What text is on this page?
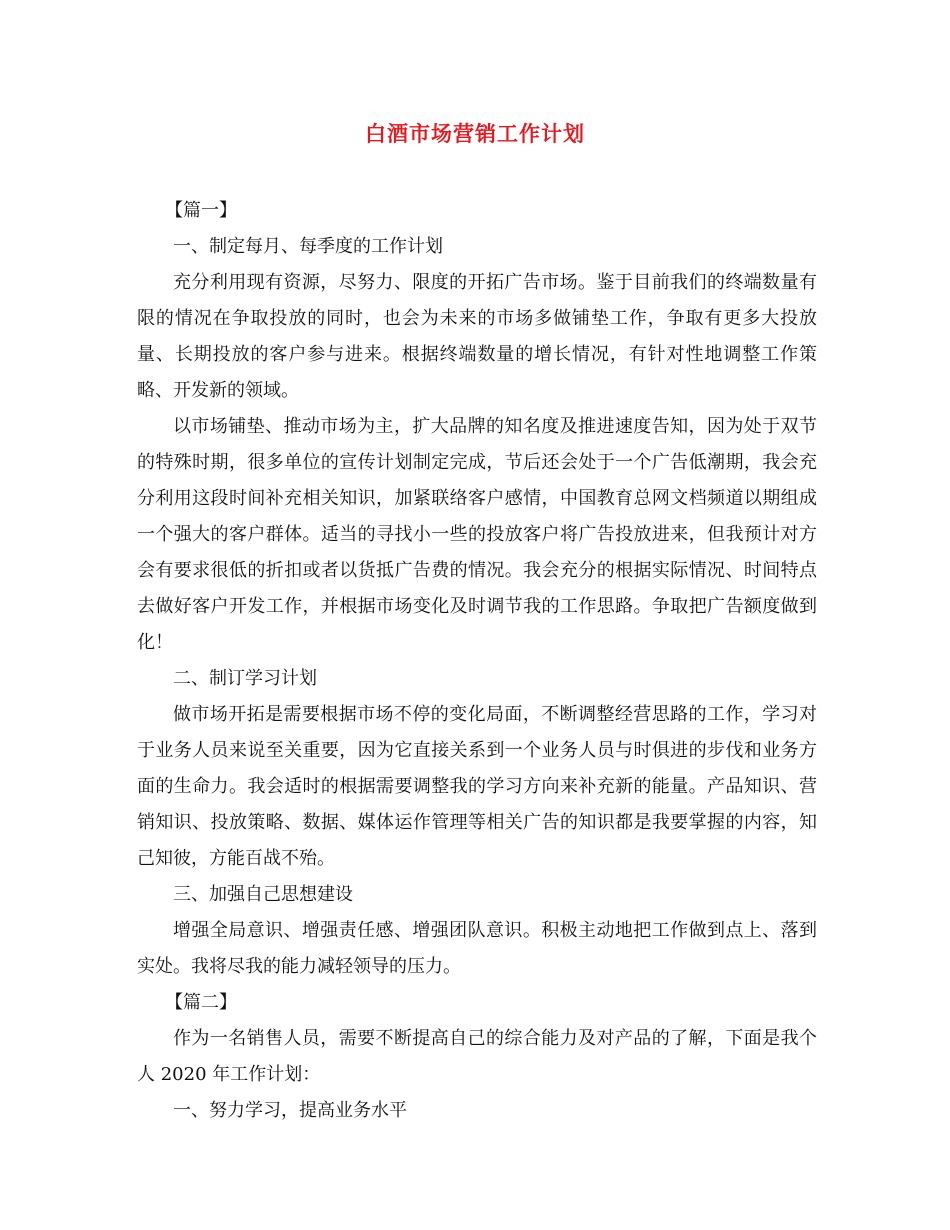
白酒市场营销工作计划

【篇一】

一、制定每月、每季度的工作计划

充分利用现有资源，尽努力、限度的开拓广告市场。鉴于目前我们的终端数量有限的情况在争取投放的同时，也会为未来的市场多做铺垫工作，争取有更多大投放量、长期投放的客户参与进来。根据终端数量的增长情况，有针对性地调整工作策略、开发新的领域。

以市场铺垫、推动市场为主，扩大品牌的知名度及推进速度告知，因为处于双节的特殊时期，很多单位的宣传计划制定完成，节后还会处于一个广告低潮期，我会充分利用这段时间补充相关知识，加紧联络客户感情，中国教育总网文档频道以期组成一个强大的客户群体。适当的寻找小一些的投放客户将广告投放进来，但我预计对方会有要求很低的折扣或者以货抵广告费的情况。我会充分的根据实际情况、时间特点去做好客户开发工作，并根据市场变化及时调节我的工作思路。争取把广告额度做到化！

二、制订学习计划

做市场开拓是需要根据市场不停的变化局面，不断调整经营思路的工作，学习对于业务人员来说至关重要，因为它直接关系到一个业务人员与时俱进的步伐和业务方面的生命力。我会适时的根据需要调整我的学习方向来补充新的能量。产品知识、营销知识、投放策略、数据、媒体运作管理等相关广告的知识都是我要掌握的内容，知己知彼，方能百战不殆。

三、加强自己思想建设

增强全局意识、增强责任感、增强团队意识。积极主动地把工作做到点上、落到实处。我将尽我的能力减轻领导的压力。

【篇二】

作为一名销售人员，需要不断提高自己的综合能力及对产品的了解，下面是我个人 2020 年工作计划：

一、努力学习，提高业务水平
